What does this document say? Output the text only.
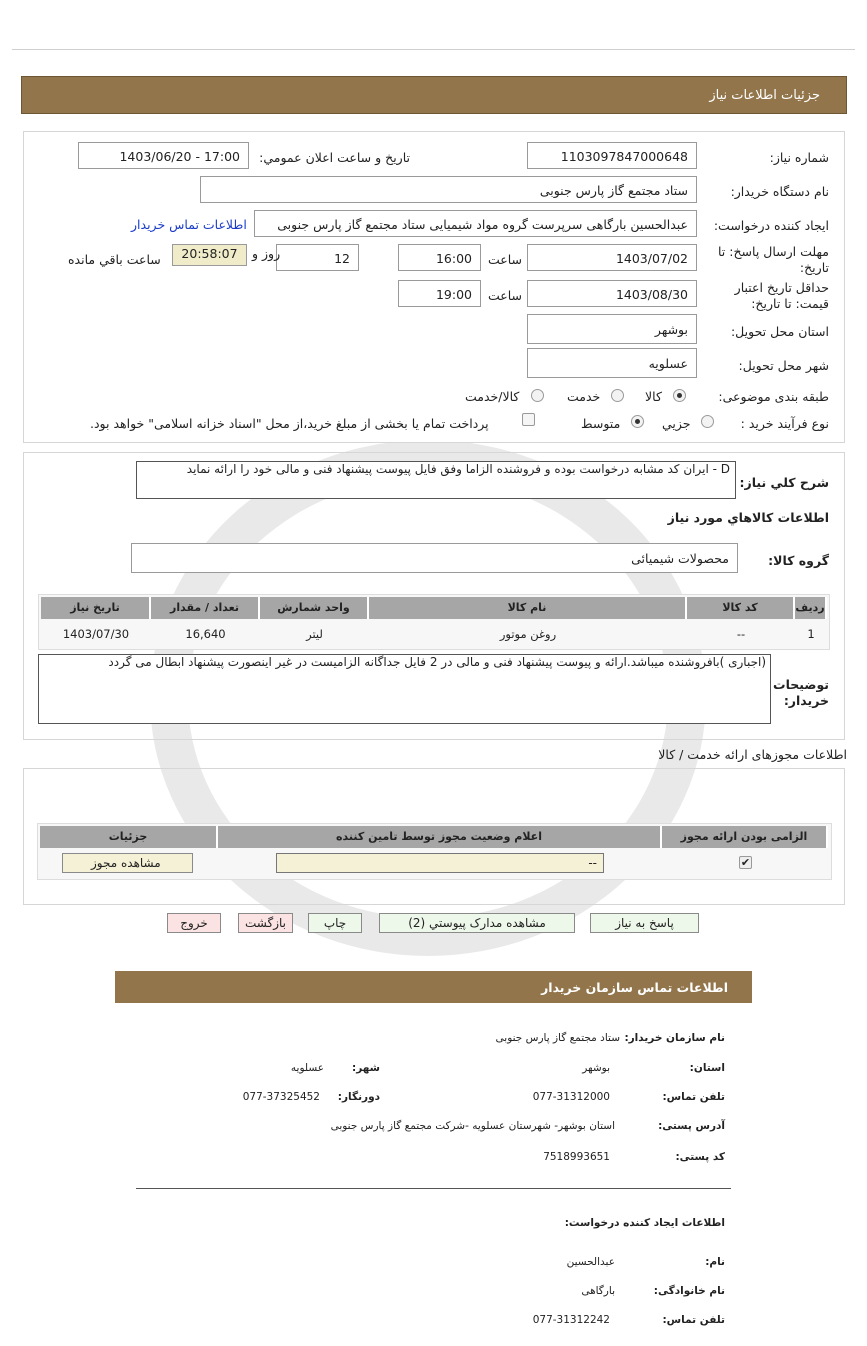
جزئیات اطلاعات نیاز
شماره نیاز:
1103097847000648
تاریخ و ساعت اعلان عمومي:
1403/06/20 - 17:00
نام دستگاه خریدار:
ستاد مجتمع گاز پارس جنوبی
ایجاد کننده درخواست:
عبدالحسین بارگاهی سرپرست گروه مواد شیمیایی ستاد مجتمع گاز پارس جنوبی
اطلاعات تماس خریدار
مهلت ارسال پاسخ: تا تاریخ:
1403/07/02
ساعت
16:00
12
روز و
20:58:07
ساعت باقي مانده
حداقل تاریخ اعتبار قیمت: تا تاریخ:
1403/08/30
ساعت
19:00
استان محل تحویل:
بوشهر
شهر محل تحویل:
عسلویه
طبقه بندی موضوعی:
کالا
خدمت
کالا/خدمت
نوع فرآیند خرید :
جزيي
متوسط
پرداخت تمام یا بخشی از مبلغ خرید،از محل "اسناد خزانه اسلامی" خواهد بود.
شرح كلي نياز:
D - ایران کد مشابه درخواست بوده و فروشنده الزاما وفق فایل پیوست پیشنهاد فنی و مالی خود را ارائه نماید
اطلاعات كالاهاي مورد نياز
گروه کالا:
محصولات شیمیائی
رديف
کد کالا
نام کالا
واحد شمارش
تعداد / مقدار
تاريخ نياز
1
--
روغن موتور
لیتر
16,640
1403/07/30
توضیحات خریدار:
(اجباری )بافروشنده میباشد.ارائه و پیوست پیشنهاد فنی و مالی در 2 فایل جداگانه الزامیست در غیر اینصورت پیشنهاد ابطال می گردد
اطلاعات مجوزهای ارائه خدمت / کالا
الزامی بودن ارائه مجوز
اعلام وضعیت مجوز توسط تامین کننده
جزئیات
✔
--
مشاهده مجوز
پاسخ به نیاز
مشاهده مدارک پیوستي (2)
چاپ
بازگشت
خروج
اطلاعات تماس سازمان خریدار
نام سازمان خریدار:
ستاد مجتمع گاز پارس جنوبی
استان:
بوشهر
شهر:
عسلویه
تلفن تماس:
077-31312000
دورنگار:
077-37325452
آدرس پستی:
استان بوشهر- شهرستان عسلویه -شرکت مجتمع گاز پارس جنوبی
کد پستی:
7518993651
اطلاعات ایجاد کننده درخواست:
نام:
عبدالحسین
نام خانوادگی:
بارگاهی
تلفن تماس:
077-31312242
